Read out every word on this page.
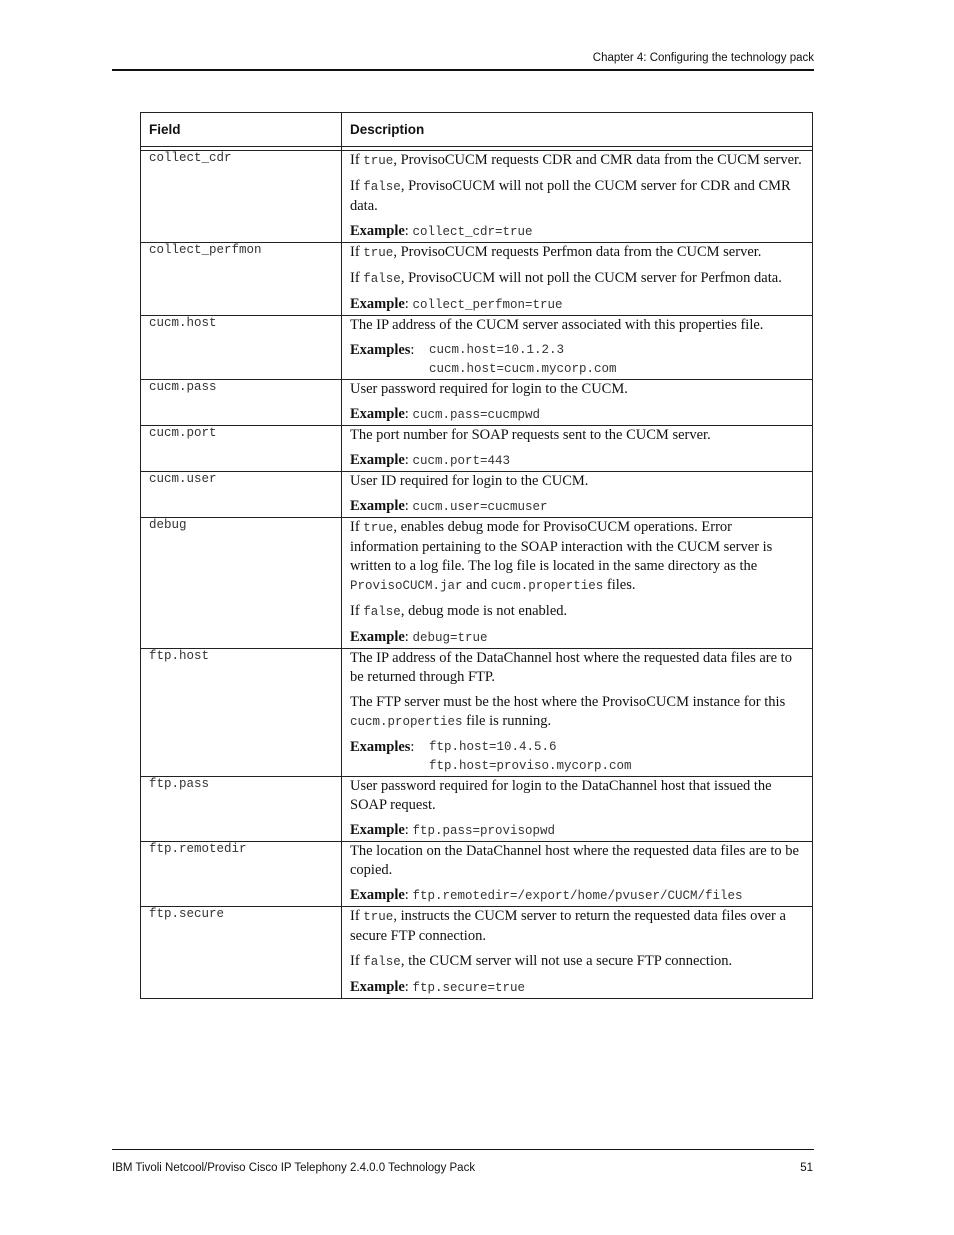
Chapter 4: Configuring the technology pack
Field	Description

collect_cdr	If true, ProvisoCUCM requests CDR and CMR data from the CUCM server.

If false, ProvisoCUCM will not poll the CUCM server for CDR and CMR data.

Example: collect_cdr=true

collect_perfmon	If true, ProvisoCUCM requests Perfmon data from the CUCM server.

If false, ProvisoCUCM will not poll the CUCM server for Perfmon data.

Example: collect_perfmon=true

cucm.host	The IP address of the CUCM server associated with this properties file.

Examples: cucm.host=10.1.2.3
cucm.host=cucm.mycorp.com

cucm.pass	User password required for login to the CUCM.

Example: cucm.pass=cucmpwd

cucm.port	The port number for SOAP requests sent to the CUCM server.

Example: cucm.port=443

cucm.user	User ID required for login to the CUCM.

Example: cucm.user=cucmuser

debug	If true, enables debug mode for ProvisoCUCM operations. Error information pertaining to the SOAP interaction with the CUCM server is written to a log file. The log file is located in the same directory as the ProvisoCUCM.jar and cucm.properties files.

If false, debug mode is not enabled.

Example: debug=true

ftp.host	The IP address of the DataChannel host where the requested data files are to be returned through FTP.

The FTP server must be the host where the ProvisoCUCM instance for this cucm.properties file is running.

Examples: ftp.host=10.4.5.6
ftp.host=proviso.mycorp.com

ftp.pass	User password required for login to the DataChannel host that issued the SOAP request.

Example: ftp.pass=provisopwd

ftp.remotedir	The location on the DataChannel host where the requested data files are to be copied.

Example: ftp.remotedir=/export/home/pvuser/CUCM/files

ftp.secure	If true, instructs the CUCM server to return the requested data files over a secure FTP connection.

If false, the CUCM server will not use a secure FTP connection.

Example: ftp.secure=true

IBM Tivoli Netcool/Proviso Cisco IP Telephony 2.4.0.0 Technology Pack	51
